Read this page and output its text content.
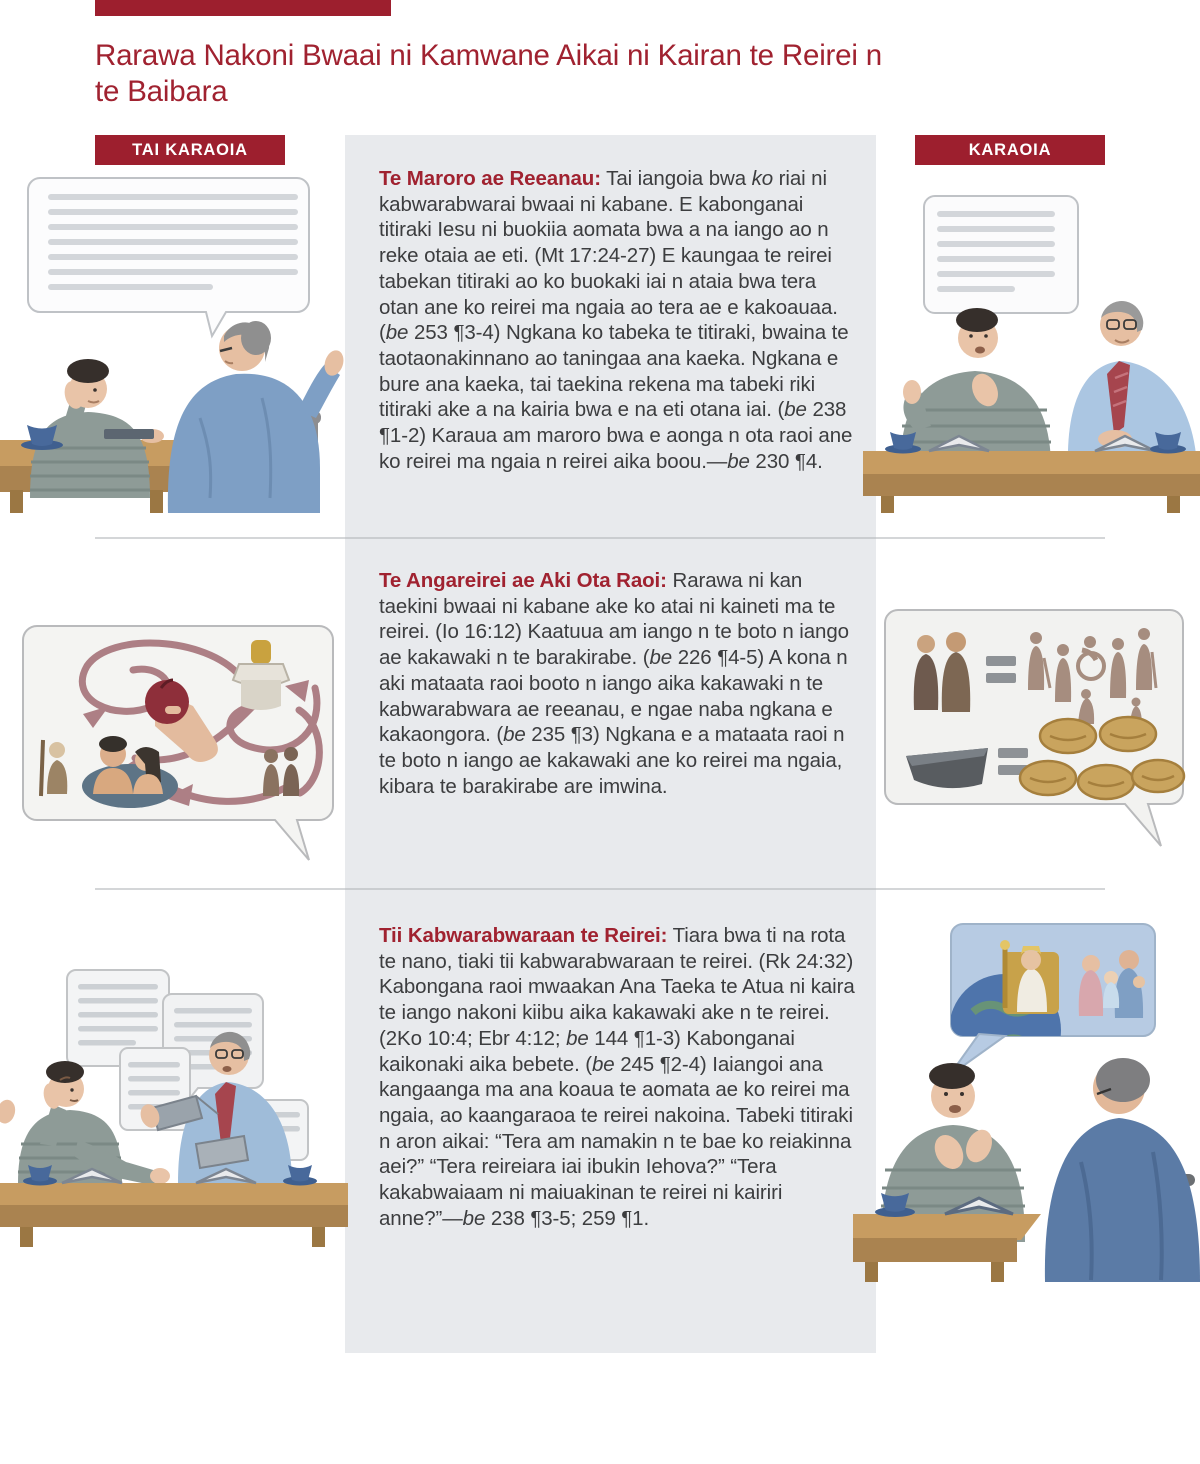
Rarawa Nakoni Bwaai ni Kamwane Aikai ni Kairan te Reirei n te Baibara
TAI KARAOIA	KARAOIA

Te Maroro ae Reeanau: Tai iangoia bwa ko riai ni kabwarabwarai bwaai ni kabane. E kabonganai titiraki Iesu ni buokiia aomata bwa a na iango ao n reke otaia ae eti. (Mt 17:24-27) E kaungaa te reirei tabekan titiraki ao ko buokaki iai n ataia bwa tera otan ane ko reirei ma ngaia ao tera ae e kakoauaa. (be 253 ¶3-4) Ngkana ko tabeka te titiraki, bwaina te taotaonakinnano ao taningaa ana kaeka. Ngkana e bure ana kaeka, tai taekina rekena ma tabeki riki titiraki ake a na kairia bwa e na eti otana iai. (be 238 ¶1-2) Karaua am maroro bwa e aonga n ota raoi ane ko reirei ma ngaia n reirei aika boou.—be 230 ¶4.

Te Angareirei ae Aki Ota Raoi: Rarawa ni kan taekini bwaai ni kabane ake ko atai ni kaineti ma te reirei. (Io 16:12) Kaatuua am iango n te boto n iango ae kakawaki n te barakirabe. (be 226 ¶4-5) A kona n aki mataata raoi booto n iango aika kakawaki n te kabwarabwara ae reeanau, e ngae naba ngkana e kakaongora. (be 235 ¶3) Ngkana e a mataata raoi n te boto n iango ae kakawaki ane ko reirei ma ngaia, kibara te barakirabe are imwina.

Tii Kabwarabwaraan te Reirei: Tiara bwa ti na rota te nano, tiaki tii kabwarabwaraan te reirei. (Rk 24:32) Kabongana raoi mwaakan Ana Taeka te Atua ni kaira te iango nakoni kiibu aika kakawaki ake n te reirei. (2Ko 10:4; Ebr 4:12; be 144 ¶1-3) Kabonganai kaikonaki aika bebete. (be 245 ¶2-4) Iaiangoi ana kangaanga ma ana koaua te aomata ae ko reirei ma ngaia, ao kaangaraoa te reirei nakoina. Tabeki titiraki n aron aikai: “Tera am namakin n te bae ko reiakinna aei?” “Tera reireiara iai ibukin Iehova?” “Tera kakabwaiaam ni maiuakinan te reirei ni kairiri anne?”—be 238 ¶3-5; 259 ¶1.
